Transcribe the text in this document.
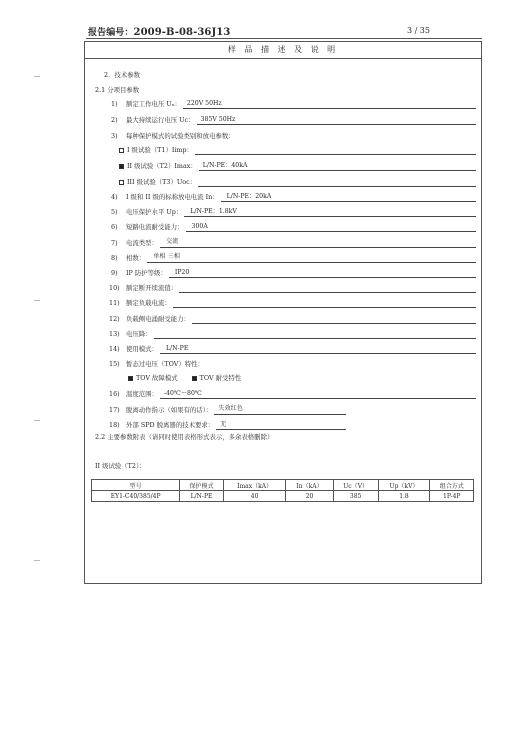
报告编号：2009-B-08-36J13	3 / 35
样 品 描 述 及 说 明
2．技术参数
2.1 分项目参数
1) 额定工作电压 Uₙ： 220V 50Hz
2) 最大持续运行电压 Uc： 385V 50Hz
3) 每种保护模式的试验类别和放电参数：
I 级试验（T1）Iimp：
II 级试验（T2）Imax： L/N-PE：40kA
III 级试验（T3）Uoc：
4) I 级和 II 级的标称放电电流 In： L/N-PE：20kA
5) 电压保护水平 Up： L/N-PE：1.8kV
6) 短路电流耐受能力： 300A
7) 电流类型： 交流
8) 相数： 单相 三相
9) IP 防护等级： IP20
10) 额定断开续流值：
11) 额定负载电流：
12) 负载侧电涌耐受能力：
13) 电压降：
14) 使用模式： L/N-PE
15) 暂态过电压（TOV）特性：
TOV 故障模式	TOV 耐受特性
16) 温度范围： -40℃～80℃
17) 脱离动作指示（如果有的话）： 失效红色
18) 外部 SPD 脱离器的技术要求： 无
2.2 主要参数附表（请同时使用表格形式表示，多余表格删除）
II 级试验（T2）：
型号	保护模式	Imax（kA）	In（kA）	Uc（V）	Up（kV）	组合方式
EY1-C40/385/4P	L/N-PE	40	20	385	1.8	1P-4P
